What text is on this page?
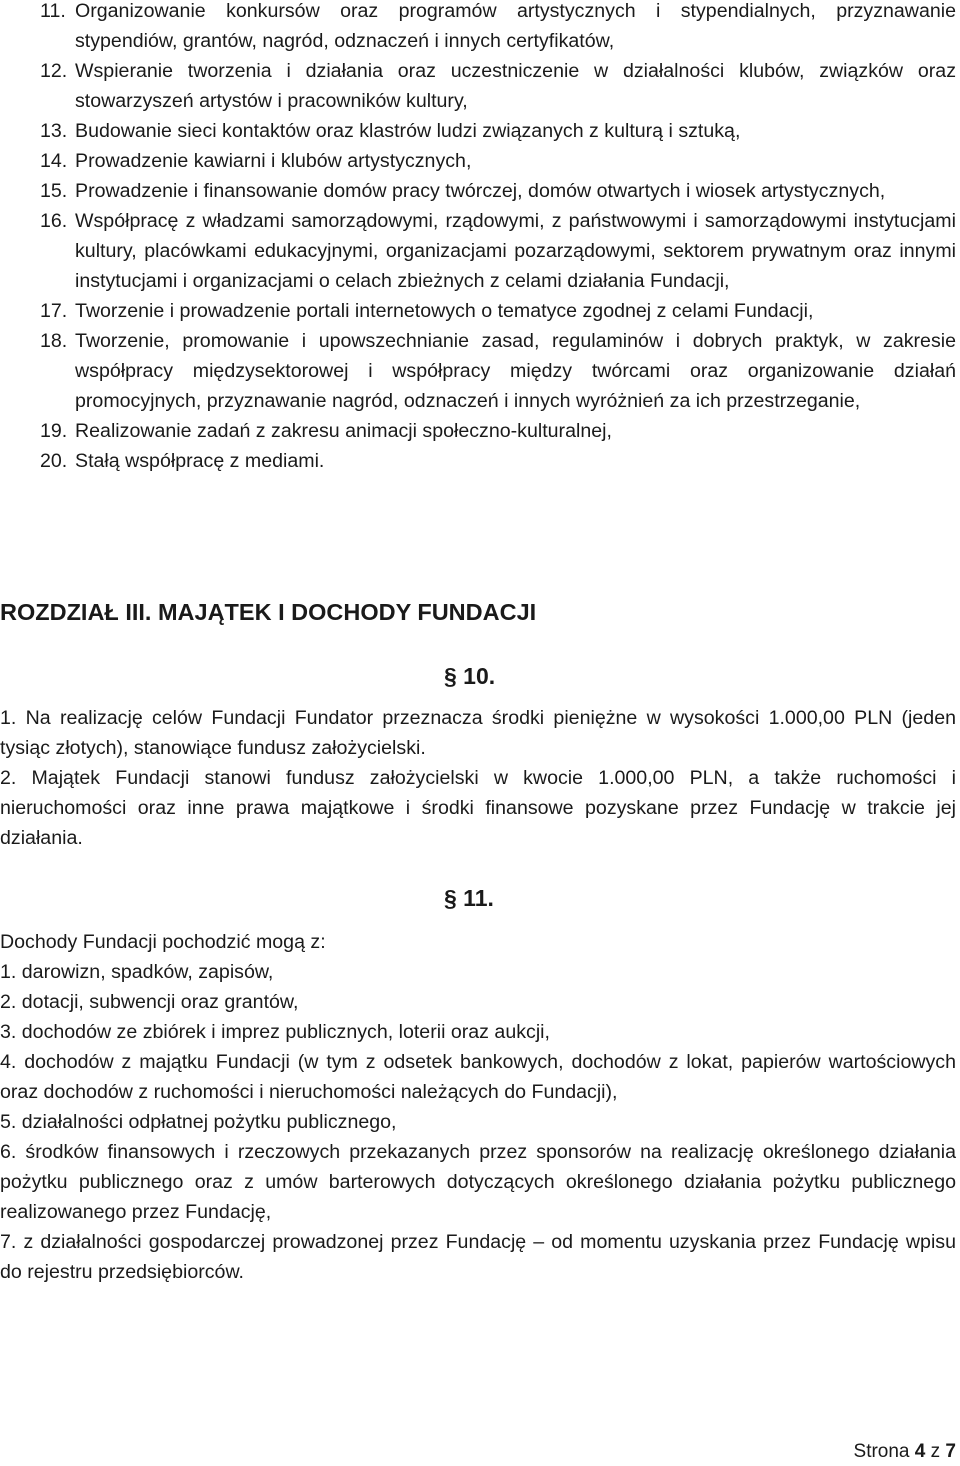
11. Organizowanie konkursów oraz programów artystycznych i stypendialnych, przyznawanie stypendiów, grantów, nagród, odznaczeń i innych certyfikatów,
12. Wspieranie tworzenia i działania oraz uczestniczenie w działalności klubów, związków oraz stowarzyszeń artystów i pracowników kultury,
13. Budowanie sieci kontaktów oraz klastrów ludzi związanych z kulturą i sztuką,
14. Prowadzenie kawiarni i klubów artystycznych,
15. Prowadzenie i finansowanie domów pracy twórczej, domów otwartych i wiosek artystycznych,
16. Współpracę z władzami samorządowymi, rządowymi, z państwowymi i samorządowymi instytucjami kultury, placówkami edukacyjnymi, organizacjami pozarządowymi, sektorem prywatnym oraz innymi instytucjami i organizacjami o celach zbieżnych z celami działania Fundacji,
17. Tworzenie i prowadzenie portali internetowych o tematyce zgodnej z celami Fundacji,
18. Tworzenie, promowanie i upowszechnianie zasad, regulaminów i dobrych praktyk, w zakresie współpracy międzysektorowej i współpracy między twórcami oraz organizowanie działań promocyjnych, przyznawanie nagród, odznaczeń i innych wyróżnień za ich przestrzeganie,
19. Realizowanie zadań z zakresu animacji społeczno-kulturalnej,
20. Stałą współpracę z mediami.
ROZDZIAŁ III. MAJĄTEK I DOCHODY FUNDACJI
§ 10.

1. Na realizację celów Fundacji Fundator przeznacza środki pieniężne w wysokości 1.000,00 PLN (jeden tysiąc złotych), stanowiące fundusz założycielski.

2. Majątek Fundacji stanowi fundusz założycielski w kwocie 1.000,00 PLN, a także ruchomości i nieruchomości oraz inne prawa majątkowe i środki finansowe pozyskane przez Fundację w trakcie jej działania.

§ 11.

Dochody Fundacji pochodzić mogą z:

1. darowizn, spadków, zapisów,

2. dotacji, subwencji oraz grantów,

3. dochodów ze zbiórek i imprez publicznych, loterii oraz aukcji,

4. dochodów z majątku Fundacji (w tym z odsetek bankowych, dochodów z lokat, papierów wartościowych oraz dochodów z ruchomości i nieruchomości należących do Fundacji),

5. działalności odpłatnej pożytku publicznego,

6. środków finansowych i rzeczowych przekazanych przez sponsorów na realizację określonego działania pożytku publicznego oraz z umów barterowych dotyczących określonego działania pożytku publicznego realizowanego przez Fundację,

7. z działalności gospodarczej prowadzonej przez Fundację – od momentu uzyskania przez Fundację wpisu do rejestru przedsiębiorców.

Strona 4 z 7
